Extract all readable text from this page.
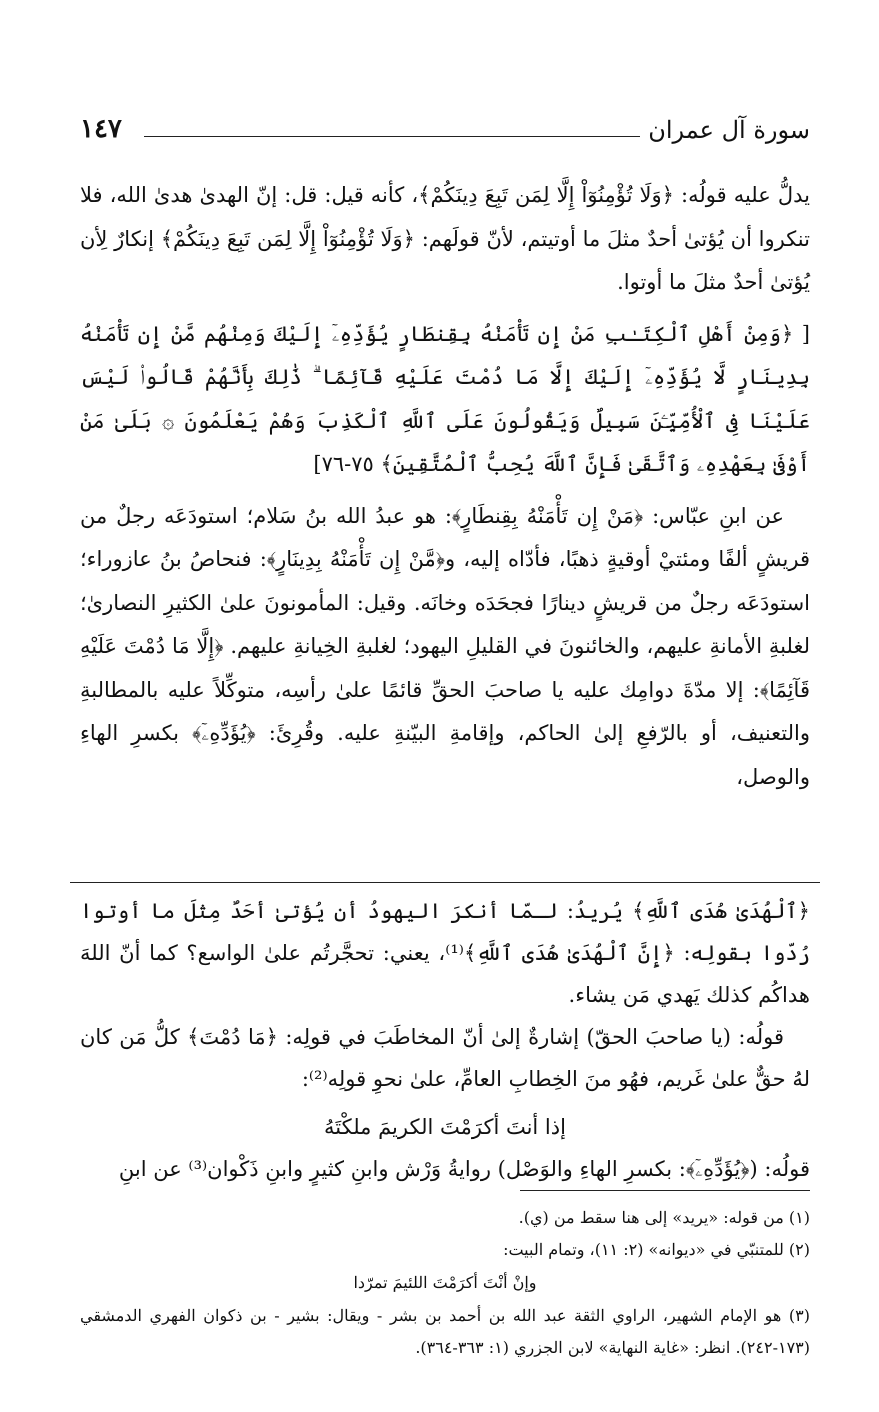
سورة آل عمران
١٤٧

يدلُّ عليه قولُه: ﴿وَلَا تُؤْمِنُوٓاْ إِلَّا لِمَن تَبِعَ دِينَكُمْ﴾، كأنه قيل: قل: إنّ الهدىٰ هدىٰ الله، فلا تنكروا أن يُؤتىٰ أحدٌ مثلَ ما أوتيتم، لأنّ قولَهم: ﴿وَلَا تُؤْمِنُوٓاْ إِلَّا لِمَن تَبِعَ دِينَكُمْ﴾ إنكارٌ لِأن يُؤتىٰ أحدٌ مثلَ ما أوتوا.

[ ﴿وَمِنْ أَهْلِ ٱلْكِتَـٰبِ مَنْ إِن تَأْمَنْهُ بِقِنطَارٍ يُؤَدِّهِۦٓ إِلَيْكَ وَمِنْهُم مَّنْ إِن تَأْمَنْهُ بِدِينَارٍ لَّا يُؤَدِّهِۦٓ إِلَيْكَ إِلَّا مَا دُمْتَ عَلَيْهِ قَآئِمًا ۗ ذَٰلِكَ بِأَنَّهُمْ قَالُوا۟ لَيْسَ عَلَيْنَا فِى ٱلْأُمِّيِّـۧنَ سَبِيلٌ وَيَقُولُونَ عَلَى ٱللَّهِ ٱلْكَذِبَ وَهُمْ يَعْلَمُونَ ۞ بَلَىٰ مَنْ أَوْفَىٰ بِعَهْدِهِۦ وَٱتَّقَىٰ فَإِنَّ ٱللَّهَ يُحِبُّ ٱلْمُتَّقِينَ﴾ ٧٥-٧٦]

عن ابنِ عبّاس: ﴿مَنْ إِن تَأْمَنْهُ بِقِنطَارٍ﴾: هو عبدُ الله بنُ سَلام؛ استودَعَه رجلٌ من قريشٍ ألفًا ومئتيْ أوقيةٍ ذهبًا، فأدّاه إليه، و﴿مَّنْ إِن تَأْمَنْهُ بِدِينَارٍ﴾: فنحاصُ بنُ عازوراء؛ استودَعَه رجلٌ من قريشٍ دينارًا فجحَدَه وخانَه. وقيل: المأمونونَ علىٰ الكثيرِ النصارىٰ؛ لغلبةِ الأمانةِ عليهم، والخائنونَ في القليلِ اليهود؛ لغلبةِ الخِيانةِ عليهم. ﴿إِلَّا مَا دُمْتَ عَلَيْهِ قَآئِمًا﴾: إلا مدّةَ دوامِك عليه يا صاحبَ الحقِّ قائمًا علىٰ رأسِه، متوكِّلاً عليه بالمطالبةِ والتعنيف، أو بالرّفعِ إلىٰ الحاكم، وإقامةِ البيّنةِ عليه. وقُرِئَ: ﴿يُؤَدِّهِۦٓ﴾ بكسرِ الهاءِ والوصل،

﴿ٱلْهُدَىٰ هُدَى ٱللَّهِ﴾ يُريدُ: لـمّا أنكرَ اليهودُ أن يُؤتىٰ أحَدٌ مِثلَ ما أوتوا رُدّوا بقولِه: ﴿إِنَّ ٱلْهُدَىٰ هُدَى ٱللَّهِ﴾⁽¹⁾، يعني: تحجَّرتُم علىٰ الواسع؟ كما أنّ اللهَ هداكُم كذلك يَهدي مَن يشاء.

قولُه: (يا صاحبَ الحقّ) إشارةٌ إلىٰ أنّ المخاطَبَ في قولِه: ﴿مَا دُمْتَ﴾ كلُّ مَن كان لهُ حقٌّ علىٰ غَريم، فهُو منَ الخِطابِ العامِّ، علىٰ نحوِ قولِه⁽²⁾:

إذا أنتَ أكرَمْتَ الكريمَ ملكْتَهُ

قولُه: (﴿يُؤَدِّهِۦٓ﴾: بكسرِ الهاءِ والوَصْل) روايةُ وَرْش وابنِ كثيرٍ وابنِ ذَكْوان⁽³⁾ عن ابنِ

(١) من قوله: «يريد» إلى هنا سقط من (ي).

(٢) للمتنبّي في «ديوانه» (٢: ١١)، وتمام البيت:

وإنْ أنْتَ أكرَمْتَ اللئيمَ تمرّدا

(٣) هو الإمام الشهير، الراوي الثقة عبد الله بن أحمد بن بشر - ويقال: بشير - بن ذكوان الفهري الدمشقي (١٧٣-٢٤٢). انظر: «غاية النهاية» لابن الجزري (١: ٣٦٣-٣٦٤).
